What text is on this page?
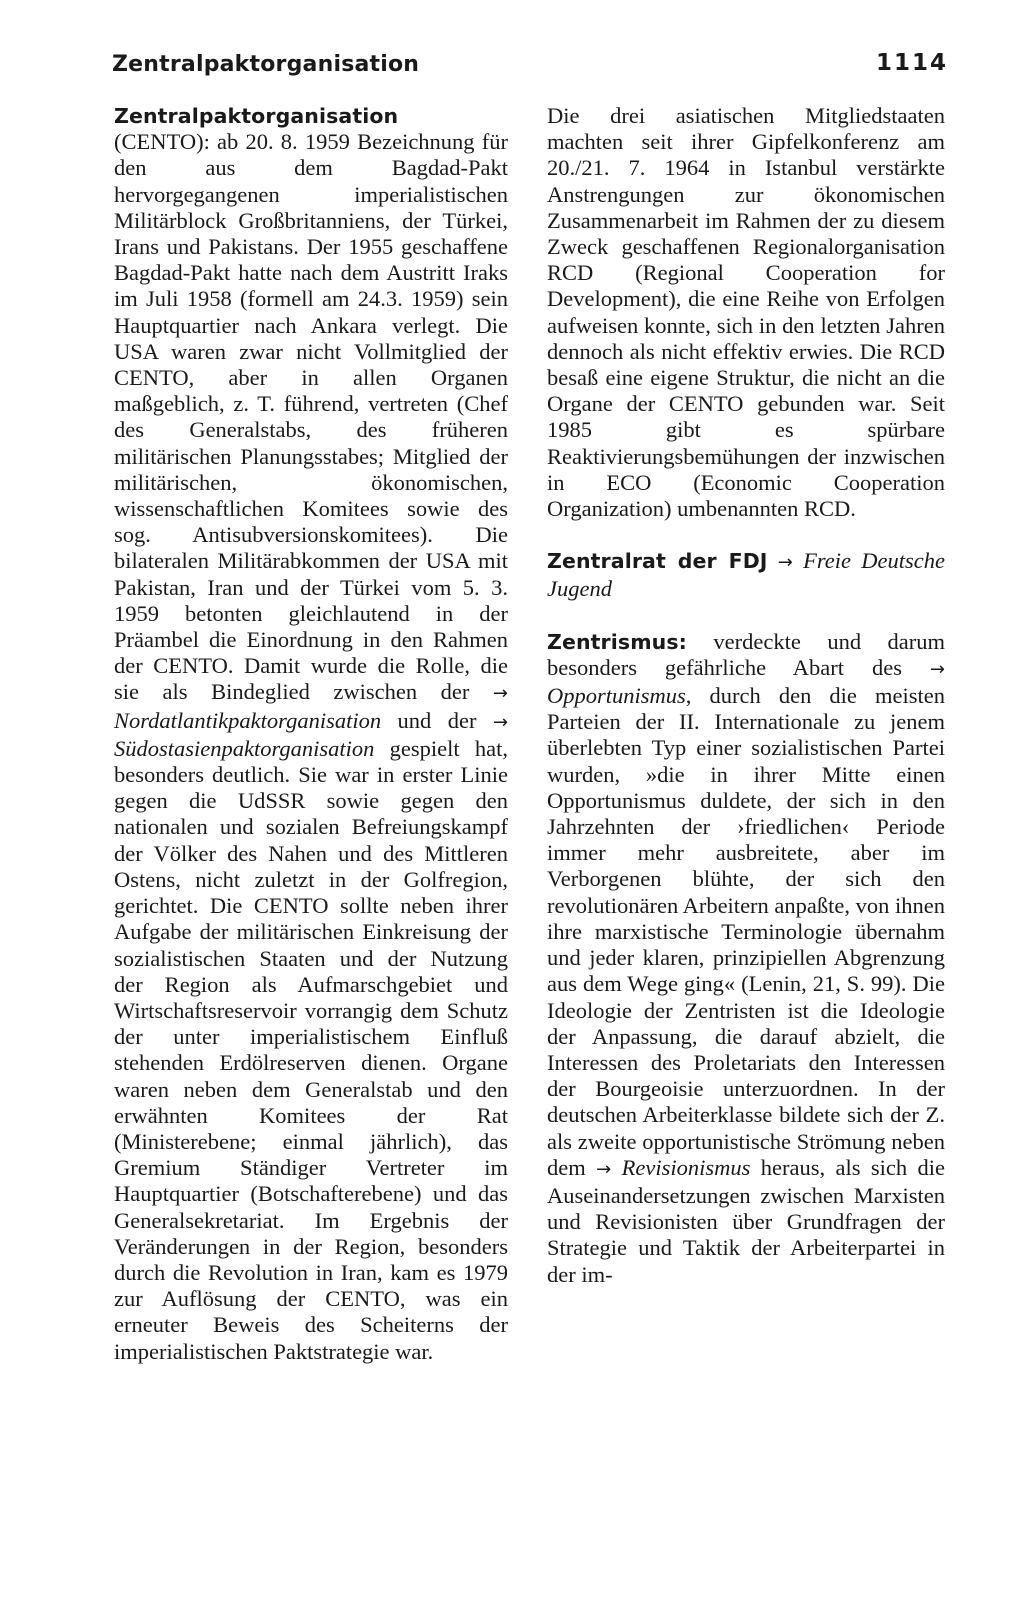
Zentralpaktorganisation	1114

Zentralpaktorganisation
(CENTO): ab 20. 8. 1959 Bezeichnung für den aus dem Bagdad-Pakt hervorgegangenen imperialistischen Militärblock Großbritanniens, der Türkei, Irans und Pakistans. Der 1955 geschaffene Bagdad-Pakt hatte nach dem Austritt Iraks im Juli 1958 (formell am 24.3. 1959) sein Hauptquartier nach Ankara verlegt. Die USA waren zwar nicht Vollmitglied der CENTO, aber in allen Organen maßgeblich, z. T. führend, vertreten (Chef des Generalstabs, des früheren militärischen Planungsstabes; Mitglied der militärischen, ökonomischen, wissenschaftlichen Komitees sowie des sog. Antisubversionskomitees). Die bilateralen Militärabkommen der USA mit Pakistan, Iran und der Türkei vom 5. 3. 1959 betonten gleichlautend in der Präambel die Einordnung in den Rahmen der CENTO. Damit wurde die Rolle, die sie als Bindeglied zwischen der → Nordatlantikpaktorganisation und der → Südostasienpaktorganisation gespielt hat, besonders deutlich. Sie war in erster Linie gegen die UdSSR sowie gegen den nationalen und sozialen Befreiungskampf der Völker des Nahen und des Mittleren Ostens, nicht zuletzt in der Golfregion, gerichtet. Die CENTO sollte neben ihrer Aufgabe der militärischen Einkreisung der sozialistischen Staaten und der Nutzung der Region als Aufmarschgebiet und Wirtschaftsreservoir vorrangig dem Schutz der unter imperialistischem Einfluß stehenden Erdölreserven dienen. Organe waren neben dem Generalstab und den erwähnten Komitees der Rat (Ministerebene; einmal jährlich), das Gremium Ständiger Vertreter im Hauptquartier (Botschafterebene) und das Generalsekretariat. Im Ergebnis der Veränderungen in der Region, besonders durch die Revolution in Iran, kam es 1979 zur Auflösung der CENTO, was ein erneuter Beweis des Scheiterns der imperialistischen Paktstrategie war.

Die drei asiatischen Mitgliedstaaten machten seit ihrer Gipfelkonferenz am 20./21. 7. 1964 in Istanbul verstärkte Anstrengungen zur ökonomischen Zusammenarbeit im Rahmen der zu diesem Zweck geschaffenen Regionalorganisation RCD (Regional Cooperation for Development), die eine Reihe von Erfolgen aufweisen konnte, sich in den letzten Jahren dennoch als nicht effektiv erwies. Die RCD besaß eine eigene Struktur, die nicht an die Organe der CENTO gebunden war. Seit 1985 gibt es spürbare Reaktivierungsbemühungen der inzwischen in ECO (Economic Cooperation Organization) umbenannten RCD.

Zentralrat der FDJ → Freie Deutsche Jugend

Zentrismus: verdeckte und darum besonders gefährliche Abart des → Opportunismus, durch den die meisten Parteien der II. Internationale zu jenem überlebten Typ einer sozialistischen Partei wurden, »die in ihrer Mitte einen Opportunismus duldete, der sich in den Jahrzehnten der ›friedlichen‹ Periode immer mehr ausbreitete, aber im Verborgenen blühte, der sich den revolutionären Arbeitern anpaßte, von ihnen ihre marxistische Terminologie übernahm und jeder klaren, prinzipiellen Abgrenzung aus dem Wege ging« (Lenin, 21, S. 99). Die Ideologie der Zentristen ist die Ideologie der Anpassung, die darauf abzielt, die Interessen des Proletariats den Interessen der Bourgeoisie unterzuordnen. In der deutschen Arbeiterklasse bildete sich der Z. als zweite opportunistische Strömung neben dem → Revisionismus heraus, als sich die Auseinandersetzungen zwischen Marxisten und Revisionisten über Grundfragen der Strategie und Taktik der Arbeiterpartei in der im-
